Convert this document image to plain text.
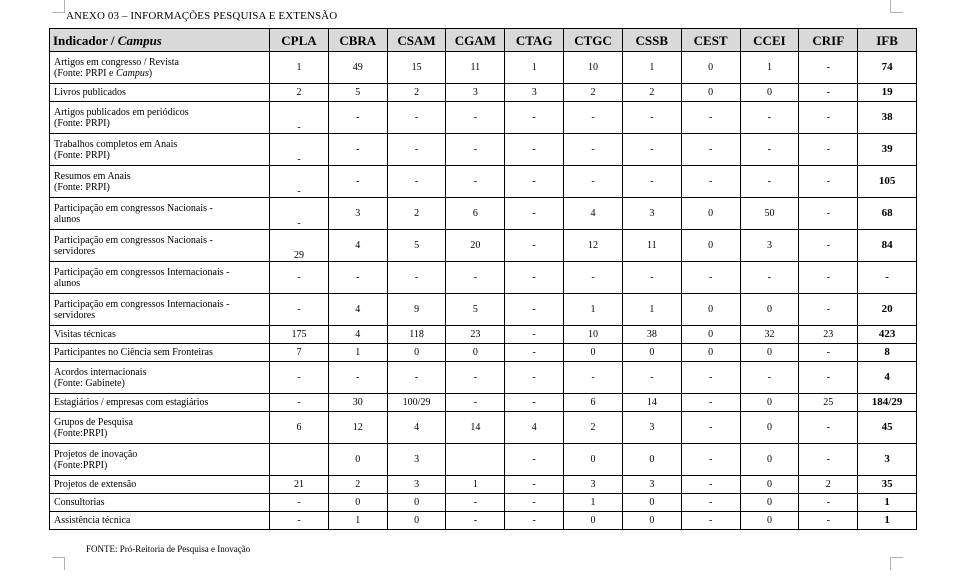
ANEXO 03 – INFORMAÇÕES PESQUISA E EXTENSÃO
Indicador / Campus	CPLA	CBRA	CSAM	CGAM	CTAG	CTGC	CSSB	CEST	CCEI	CRIF	IFB
Artigos em congresso / Revista
(Fonte: PRPI e Campus)	1	49	15	11	1	10	1	0	1	-	74
Livros publicados	2	5	2	3	3	2	2	0	0	-	19
Artigos publicados em periódicos
(Fonte: PRPI)	-	-	-	-	-	-	-	-	-	-	38
Trabalhos completos em Anais
(Fonte: PRPI)	-	-	-	-	-	-	-	-	-	-	39
Resumos em Anais
(Fonte: PRPI)	-	-	-	-	-	-	-	-	-	-	105
Participação em congressos Nacionais -
alunos	-	3	2	6	-	4	3	0	50	-	68
Participação em congressos Nacionais -
servidores	29	4	5	20	-	12	11	0	3	-	84
Participação em congressos Internacionais -
alunos	-	-	-	-	-	-	-	-	-	-	-
Participação em congressos Internacionais -
servidores	-	4	9	5	-	1	1	0	0	-	20
Visitas técnicas	175	4	118	23	-	10	38	0	32	23	423
Participantes no Ciência sem Fronteiras	7	1	0	0	-	0	0	0	0	-	8
Acordos internacionais
(Fonte: Gabinete)	-	-	-	-	-	-	-	-	-	-	4
Estagiários / empresas com estagiários	-	30	100/29	-	-	6	14	-	0	25	184/29
Grupos de Pesquisa
(Fonte:PRPI)	6	12	4	14	4	2	3	-	0	-	45
Projetos de inovação
(Fonte:PRPI)		0	3		-	0	0	-	0	-	3
Projetos de extensão	21	2	3	1	-	3	3	-	0	2	35
Consultorias	-	0	0	-	-	1	0	-	0	-	1
Assistência técnica	-	1	0	-	-	0	0	-	0	-	1
FONTE: Pró-Reitoria de Pesquisa e Inovação
